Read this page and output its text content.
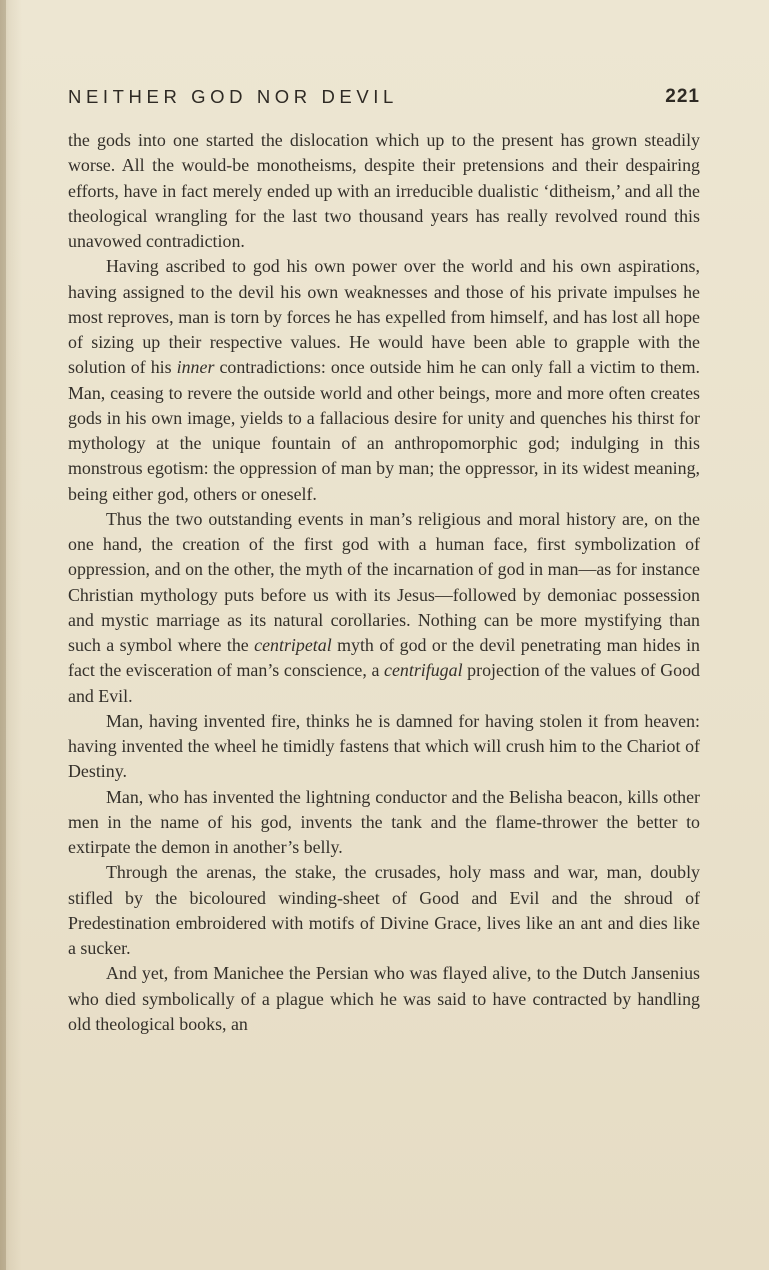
NEITHER GOD NOR DEVIL	221

the gods into one started the dislocation which up to the present has grown steadily worse. All the would-be monotheisms, despite their pretensions and their despairing efforts, have in fact merely ended up with an irreducible dualistic ‘ditheism,’ and all the theological wrangling for the last two thousand years has really revolved round this unavowed contradiction.

Having ascribed to god his own power over the world and his own aspirations, having assigned to the devil his own weaknesses and those of his private impulses he most reproves, man is torn by forces he has expelled from himself, and has lost all hope of sizing up their respective values. He would have been able to grapple with the solution of his inner contradictions: once outside him he can only fall a victim to them. Man, ceasing to revere the outside world and other beings, more and more often creates gods in his own image, yields to a fallacious desire for unity and quenches his thirst for mythology at the unique fountain of an anthropomorphic god; indulging in this monstrous egotism: the oppression of man by man; the oppressor, in its widest meaning, being either god, others or oneself.

Thus the two outstanding events in man’s religious and moral history are, on the one hand, the creation of the first god with a human face, first symbolization of oppression, and on the other, the myth of the incarnation of god in man—as for instance Christian mythology puts before us with its Jesus—followed by demoniac possession and mystic marriage as its natural corollaries. Nothing can be more mystifying than such a symbol where the centripetal myth of god or the devil penetrating man hides in fact the evisceration of man’s conscience, a centrifugal projection of the values of Good and Evil.

Man, having invented fire, thinks he is damned for having stolen it from heaven: having invented the wheel he timidly fastens that which will crush him to the Chariot of Destiny.

Man, who has invented the lightning conductor and the Belisha beacon, kills other men in the name of his god, invents the tank and the flame-thrower the better to extirpate the demon in another’s belly.

Through the arenas, the stake, the crusades, holy mass and war, man, doubly stifled by the bicoloured winding-sheet of Good and Evil and the shroud of Predestination embroidered with motifs of Divine Grace, lives like an ant and dies like a sucker.

And yet, from Manichee the Persian who was flayed alive, to the Dutch Jansenius who died symbolically of a plague which he was said to have contracted by handling old theological books, an
